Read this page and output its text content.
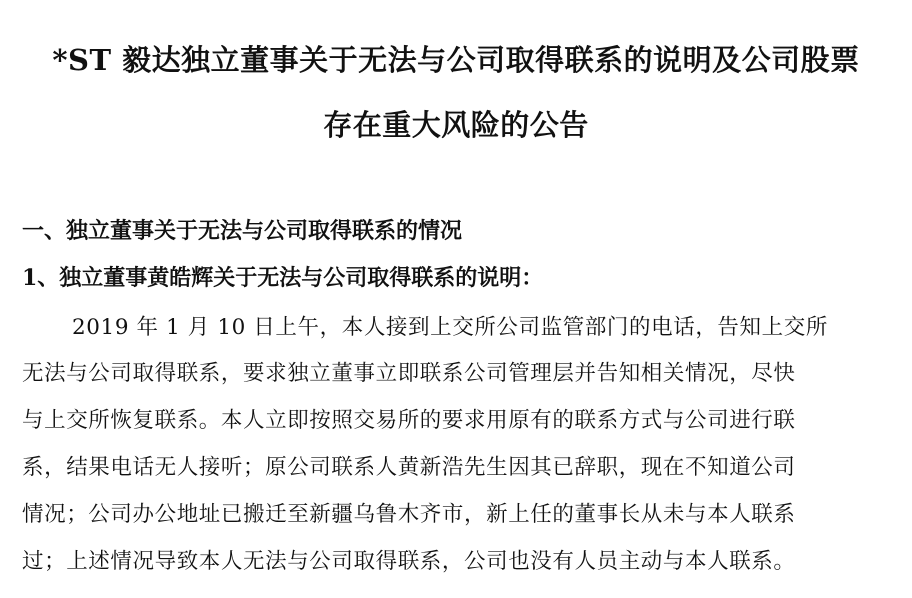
*ST 毅达独立董事关于无法与公司取得联系的说明及公司股票
存在重大风险的公告
一、独立董事关于无法与公司取得联系的情况
1、独立董事黄皓辉关于无法与公司取得联系的说明：
2019 年 1 月 10 日上午，本人接到上交所公司监管部门的电话，告知上交所
无法与公司取得联系，要求独立董事立即联系公司管理层并告知相关情况，尽快
与上交所恢复联系。本人立即按照交易所的要求用原有的联系方式与公司进行联
系，结果电话无人接听；原公司联系人黄新浩先生因其已辞职，现在不知道公司
情况；公司办公地址已搬迁至新疆乌鲁木齐市，新上任的董事长从未与本人联系
过；上述情况导致本人无法与公司取得联系，公司也没有人员主动与本人联系。
